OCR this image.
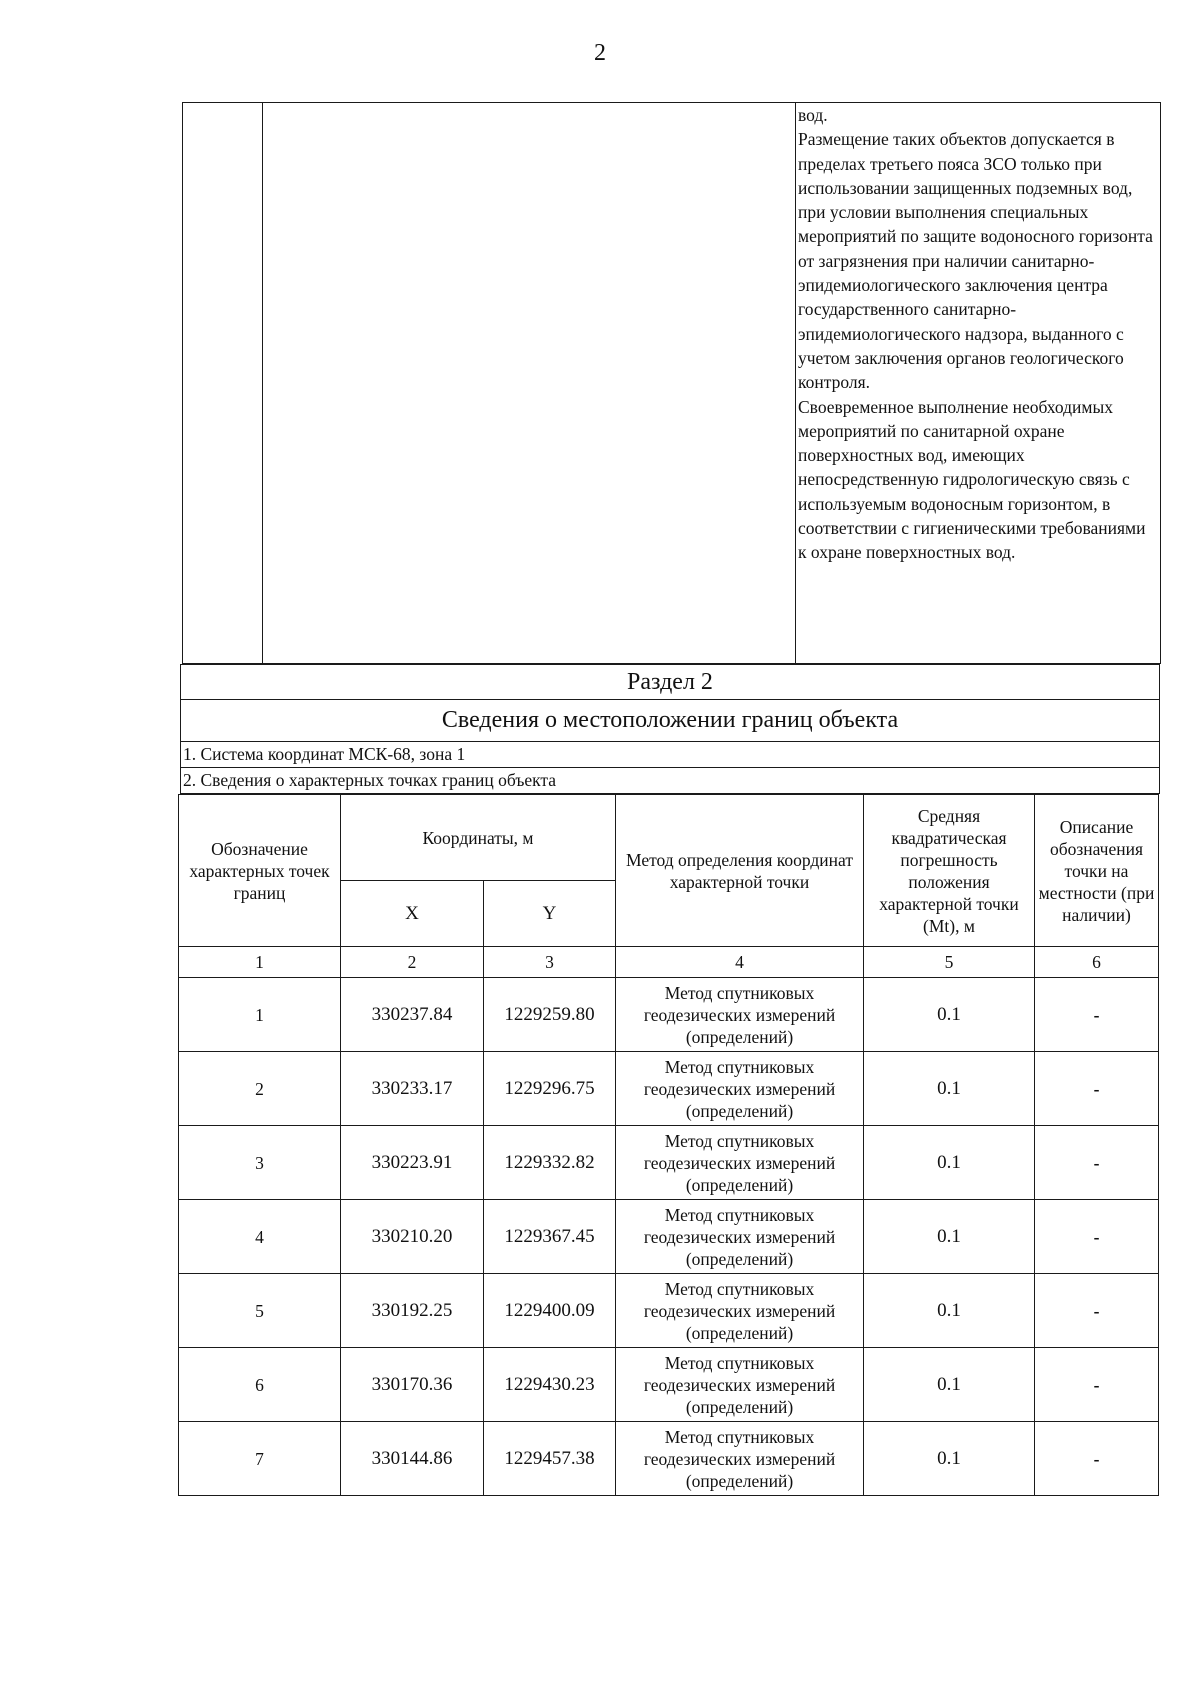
2

вод.

Размещение таких объектов допускается в пределах третьего пояса ЗСО только при использовании защищенных подземных вод, при условии выполнения специальных мероприятий по защите водоносного горизонта от загрязнения при наличии санитарно-эпидемиологического заключения центра государственного санитарно-эпидемиологического надзора, выданного с учетом заключения органов геологического контроля.

Своевременное выполнение необходимых мероприятий по санитарной охране поверхностных вод, имеющих непосредственную гидрологическую связь с используемым водоносным горизонтом, в соответствии с гигиеническими требованиями к охране поверхностных вод.

Раздел 2
Сведения о местоположении границ объекта
1. Система координат МСК-68, зона 1
2. Сведения о характерных точках границ объекта
Обозначение характерных точек границ	Координаты, м		Метод определения координат характерной точки	Средняя квадратическая погрешность положения характерной точки (Mt), м	Описание обозначения точки на местности (при наличии)
	X	Y			
1	2	3	4	5	6
1	330237.84	1229259.80	Метод спутниковых геодезических измерений (определений)	0.1	-
2	330233.17	1229296.75	Метод спутниковых геодезических измерений (определений)	0.1	-
3	330223.91	1229332.82	Метод спутниковых геодезических измерений (определений)	0.1	-
4	330210.20	1229367.45	Метод спутниковых геодезических измерений (определений)	0.1	-
5	330192.25	1229400.09	Метод спутниковых геодезических измерений (определений)	0.1	-
6	330170.36	1229430.23	Метод спутниковых геодезических измерений (определений)	0.1	-
7	330144.86	1229457.38	Метод спутниковых геодезических измерений (определений)	0.1	-
